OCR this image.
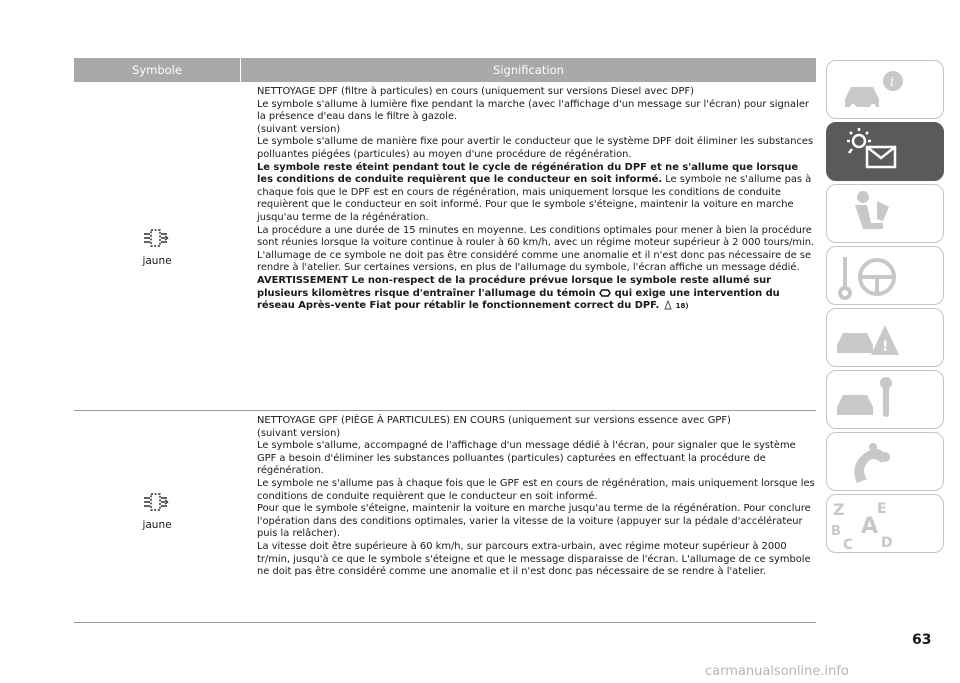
Symbole	Signification
jaune

NETTOYAGE DPF (filtre à particules) en cours (uniquement sur versions Diesel avec DPF)

Le symbole s'allume à lumière fixe pendant la marche (avec l'affichage d'un message sur l'écran) pour signaler la présence d'eau dans le filtre à gazole.

(suivant version)

Le symbole s'allume de manière fixe pour avertir le conducteur que le système DPF doit éliminer les substances polluantes piégées (particules) au moyen d'une procédure de régénération.

Le symbole reste éteint pendant tout le cycle de régénération du DPF et ne s'allume que lorsque les conditions de conduite requièrent que le conducteur en soit informé. Le symbole ne s'allume pas à chaque fois que le DPF est en cours de régénération, mais uniquement lorsque les conditions de conduite requièrent que le conducteur en soit informé. Pour que le symbole s'éteigne, maintenir la voiture en marche jusqu'au terme de la régénération.

La procédure a une durée de 15 minutes en moyenne. Les conditions optimales pour mener à bien la procédure sont réunies lorsque la voiture continue à rouler à 60 km/h, avec un régime moteur supérieur à 2 000 tours/min.

L'allumage de ce symbole ne doit pas être considéré comme une anomalie et il n'est donc pas nécessaire de se rendre à l'atelier. Sur certaines versions, en plus de l'allumage du symbole, l'écran affiche un message dédié.

AVERTISSEMENT Le non-respect de la procédure prévue lorsque le symbole reste allumé sur plusieurs kilomètres risque d'entraîner l'allumage du témoin  qui exige une intervention du réseau Après-vente Fiat pour rétablir le fonctionnement correct du DPF. 18)

jaune

NETTOYAGE GPF (PIÈGE À PARTICULES) EN COURS (uniquement sur versions essence avec GPF)

(suivant version)

Le symbole s'allume, accompagné de l'affichage d'un message dédié à l'écran, pour signaler que le système GPF a besoin d'éliminer les substances polluantes (particules) capturées en effectuant la procédure de régénération.

Le symbole ne s'allume pas à chaque fois que le GPF est en cours de régénération, mais uniquement lorsque les conditions de conduite requièrent que le conducteur en soit informé.

Pour que le symbole s'éteigne, maintenir la voiture en marche jusqu'au terme de la régénération. Pour conclure l'opération dans des conditions optimales, varier la vitesse de la voiture (appuyer sur la pédale d'accélérateur puis la relâcher).

La vitesse doit être supérieure à 60 km/h, sur parcours extra-urbain, avec régime moteur supérieur à 2000 tr/min, jusqu'à ce que le symbole s'éteigne et que le message disparaisse de l'écran. L'allumage de ce symbole ne doit pas être considéré comme une anomalie et il n'est donc pas nécessaire de se rendre à l'atelier.

i
!
Z E
B A
C D
63
carmanualsonline.info
